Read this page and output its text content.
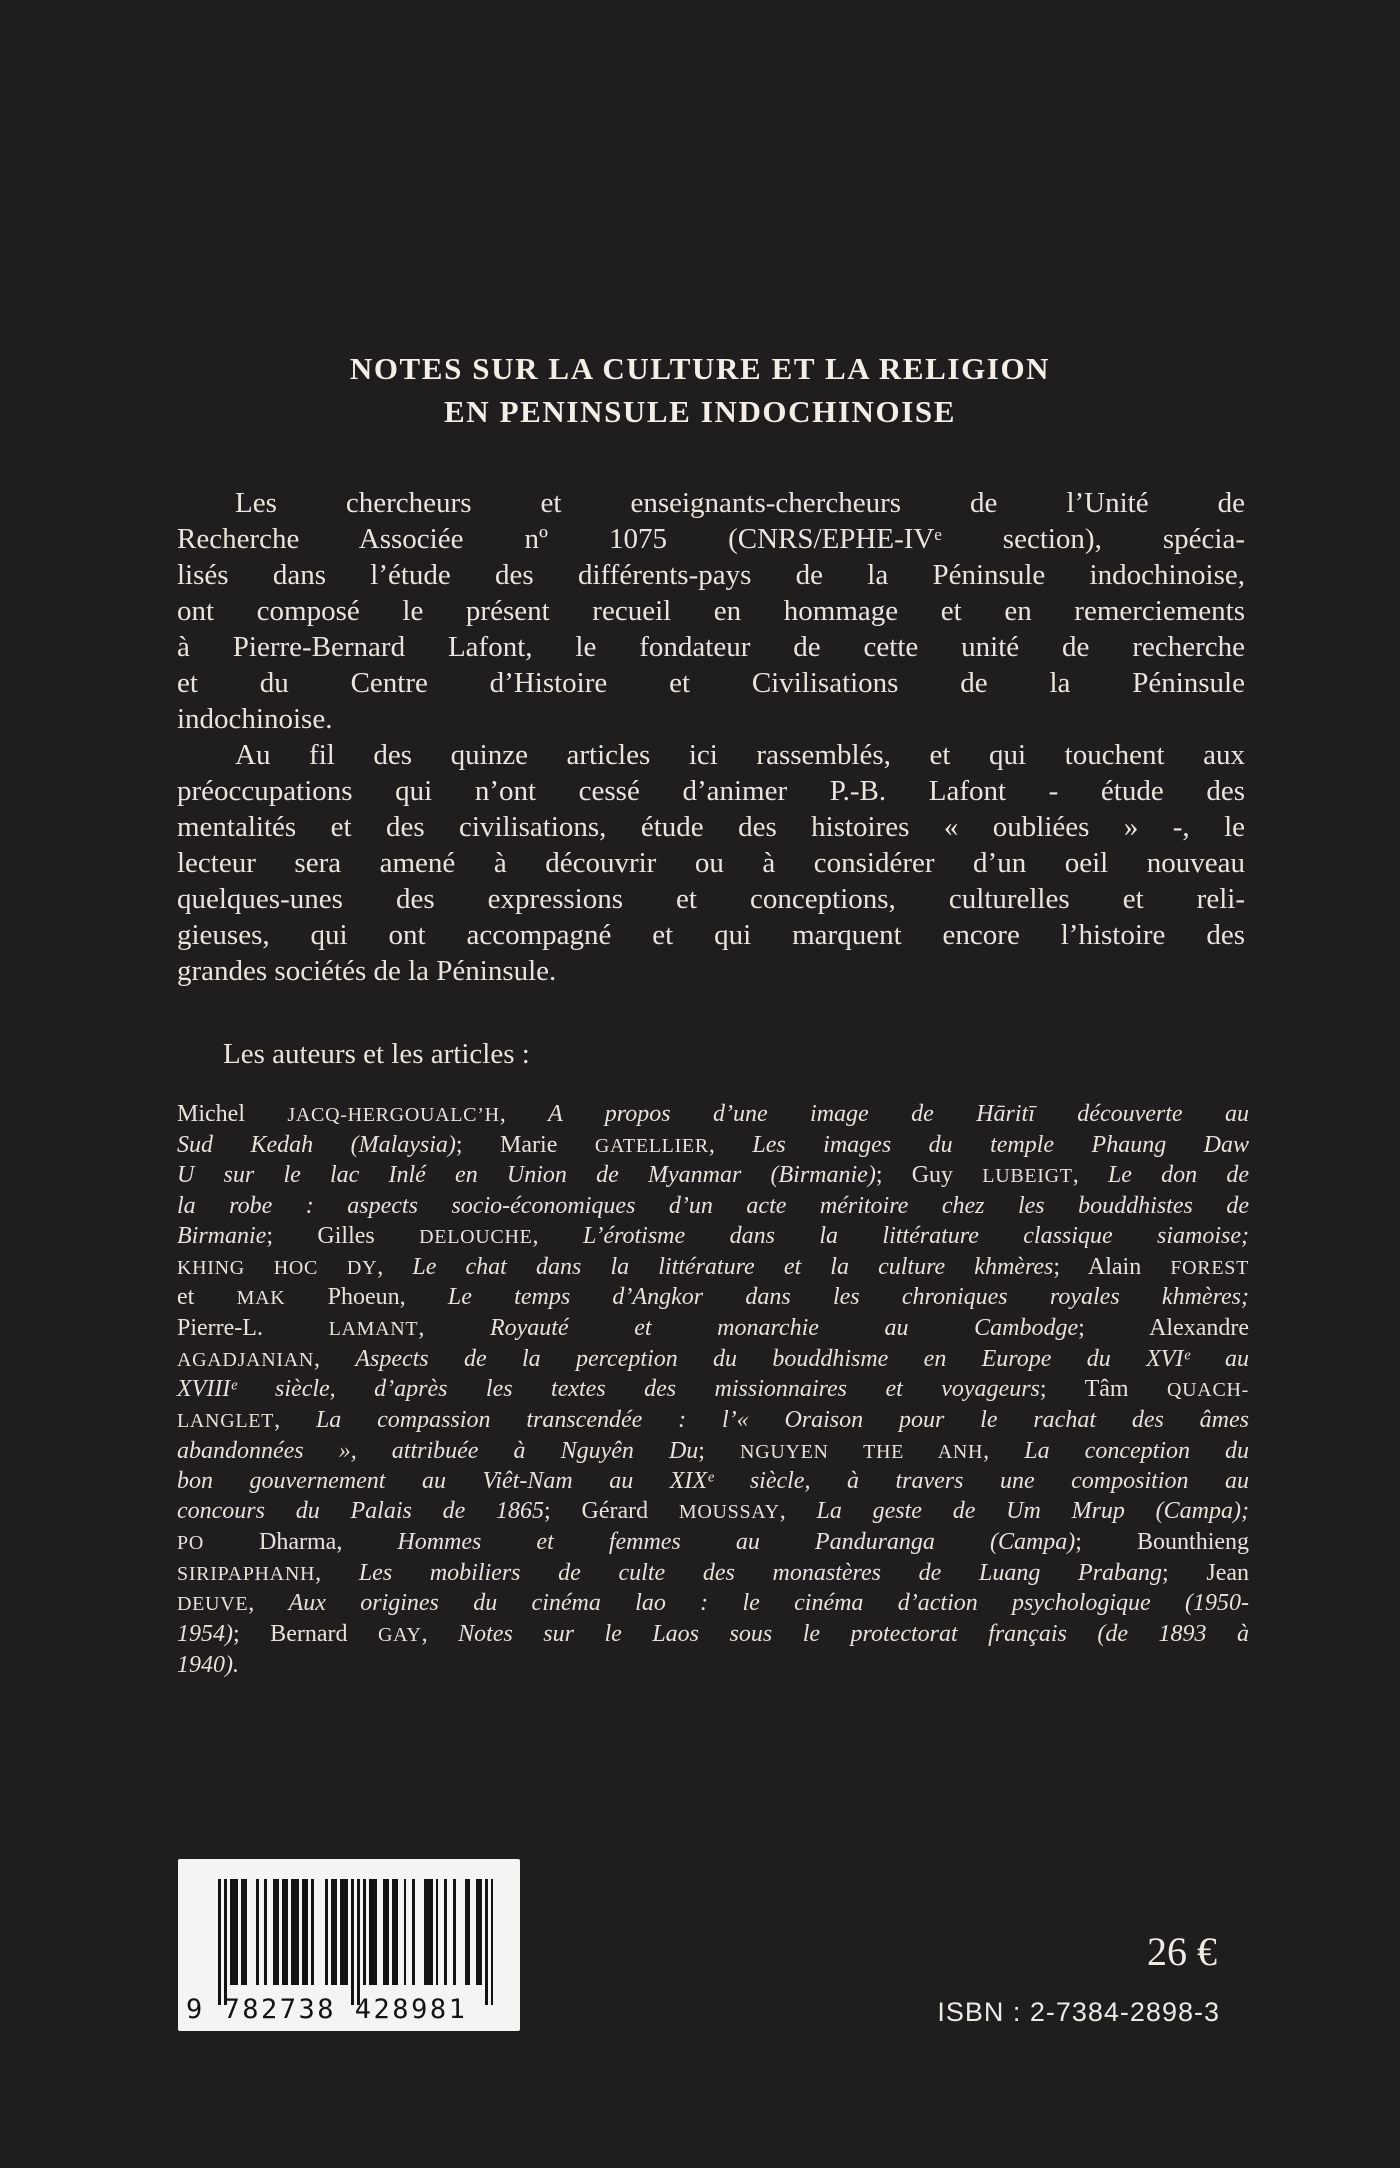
NOTES SUR LA CULTURE ET LA RELIGION
EN PENINSULE INDOCHINOISE
Les chercheurs et enseignants-chercheurs de l’Unité de
Recherche Associée nº 1075 (CNRS/EPHE-IVᵉ section), spécia-
lisés dans l’étude des différents-pays de la Péninsule indochinoise,
ont composé le présent recueil en hommage et en remerciements
à Pierre-Bernard Lafont, le fondateur de cette unité de recherche
et du Centre d’Histoire et Civilisations de la Péninsule
indochinoise.
Au fil des quinze articles ici rassemblés, et qui touchent aux
préoccupations qui n’ont cessé d’animer P.-B. Lafont - étude des
mentalités et des civilisations, étude des histoires « oubliées » -, le
lecteur sera amené à découvrir ou à considérer d’un oeil nouveau
quelques-unes des expressions et conceptions, culturelles et reli-
gieuses, qui ont accompagné et qui marquent encore l’histoire des
grandes sociétés de la Péninsule.
Les auteurs et les articles :
Michel JACQ-HERGOUALC’H, A propos d’une image de Hāritī découverte au
Sud Kedah (Malaysia); Marie GATELLIER, Les images du temple Phaung Daw
U sur le lac Inlé en Union de Myanmar (Birmanie); Guy LUBEIGT, Le don de
la robe : aspects socio-économiques d’un acte méritoire chez les bouddhistes de
Birmanie; Gilles DELOUCHE, L’érotisme dans la littérature classique siamoise;
KHING HOC DY, Le chat dans la littérature et la culture khmères; Alain FOREST
et MAK Phoeun, Le temps d’Angkor dans les chroniques royales khmères;
Pierre-L. LAMANT, Royauté et monarchie au Cambodge; Alexandre
AGADJANIAN, Aspects de la perception du bouddhisme en Europe du XVIᵉ au
XVIIIᵉ siècle, d’après les textes des missionnaires et voyageurs; Tâm QUACH-
LANGLET, La compassion transcendée : l’« Oraison pour le rachat des âmes
abandonnées », attribuée à Nguyên Du; NGUYEN THE ANH, La conception du
bon gouvernement au Viêt-Nam au XIXᵉ siècle, à travers une composition au
concours du Palais de 1865; Gérard MOUSSAY, La geste de Um Mrup (Campa);
PO Dharma, Hommes et femmes au Panduranga (Campa); Bounthieng
SIRIPAPHANH, Les mobiliers de culte des monastères de Luang Prabang; Jean
DEUVE, Aux origines du cinéma lao : le cinéma d’action psychologique (1950-
1954); Bernard GAY, Notes sur le Laos sous le protectorat français (de 1893 à
1940).
9 782738 428981
26 €
ISBN : 2-7384-2898-3
